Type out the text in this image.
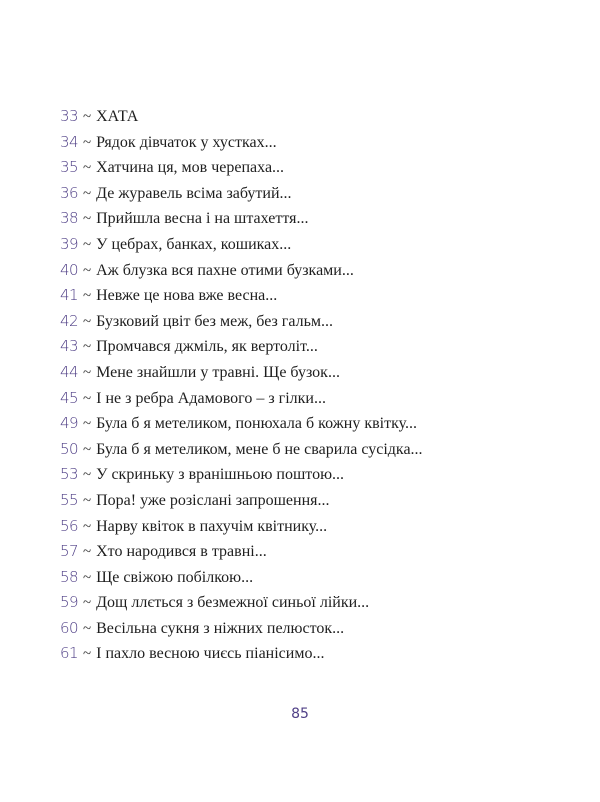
33 ~ ХАТА
34 ~ Рядок дівчаток у хустках...
35 ~ Хатчина ця, мов черепаха...
36 ~ Де журавель всіма забутий...
38 ~ Прийшла весна і на штахеття...
39 ~ У цебрах, банках, кошиках...
40 ~ Аж блузка вся пахне отими бузками...
41 ~ Невже це нова вже весна...
42 ~ Бузковий цвіт без меж, без гальм...
43 ~ Промчався джміль, як вертоліт...
44 ~ Мене знайшли у травні. Ще бузок...
45 ~ І не з ребра Адамового – з гілки...
49 ~ Була б я метеликом, понюхала б кожну квітку...
50 ~ Була б я метеликом, мене б не сварила сусідка...
53 ~ У скриньку з вранішньою поштою...
55 ~ Пора! уже розіслані запрошення...
56 ~ Нарву квіток в пахучім квітнику...
57 ~ Хто народився в травні...
58 ~ Ще свіжою побілкою...
59 ~ Дощ ллється з безмежної синьої лійки...
60 ~ Весільна сукня з ніжних пелюсток...
61 ~ І пахло весною чиєсь піанісимо...
85
